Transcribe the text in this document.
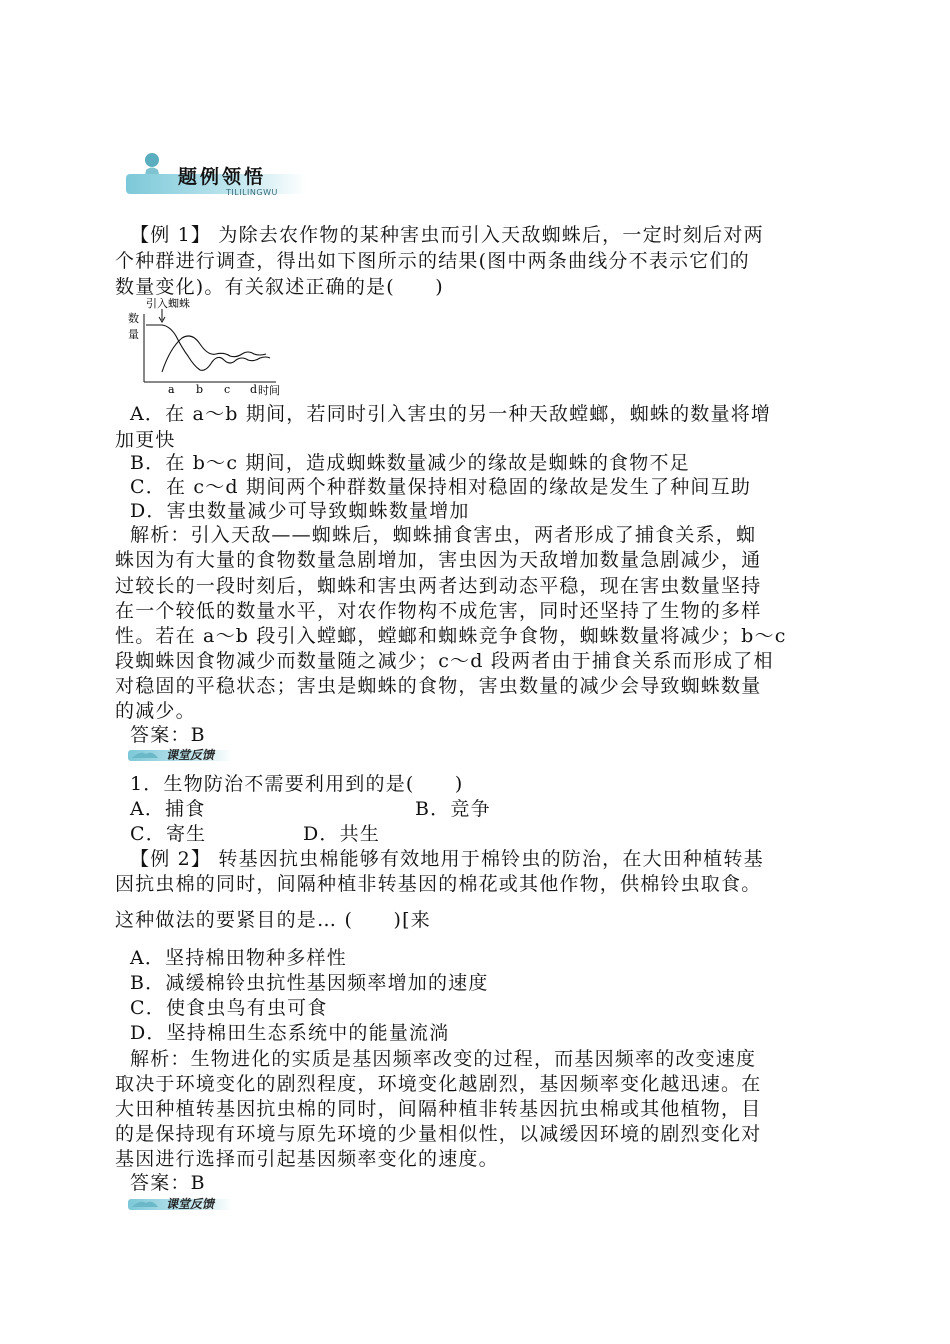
题例领悟
TILILINGWU
【例 1】 为除去农作物的某种害虫而引入天敌蜘蛛后，一定时刻后对两
个种群进行调查，得出如下图所示的结果(图中两条曲线分不表示它们的
数量变化)。有关叙述正确的是(　　)
引入蜘蛛
数
量
a b c d 时间
A．在 a～b 期间，若同时引入害虫的另一种天敌螳螂，蜘蛛的数量将增
加更快
B．在 b～c 期间，造成蜘蛛数量减少的缘故是蜘蛛的食物不足
C．在 c～d 期间两个种群数量保持相对稳固的缘故是发生了种间互助
D．害虫数量减少可导致蜘蛛数量增加
解析：引入天敌——蜘蛛后，蜘蛛捕食害虫，两者形成了捕食关系，蜘
蛛因为有大量的食物数量急剧增加，害虫因为天敌增加数量急剧减少，通
过较长的一段时刻后，蜘蛛和害虫两者达到动态平稳，现在害虫数量坚持
在一个较低的数量水平，对农作物构不成危害，同时还坚持了生物的多样
性。若在 a～b 段引入螳螂，螳螂和蜘蛛竞争食物，蜘蛛数量将减少；b～c
段蜘蛛因食物减少而数量随之减少；c～d 段两者由于捕食关系而形成了相
对稳固的平稳状态；害虫是蜘蛛的食物，害虫数量的减少会导致蜘蛛数量
的减少。
答案：B
课堂反馈
1．生物防治不需要利用到的是(　　)
A．捕食	B．竞争
C．寄生	D．共生
【例 2】 转基因抗虫棉能够有效地用于棉铃虫的防治，在大田种植转基
因抗虫棉的同时，间隔种植非转基因的棉花或其他作物，供棉铃虫取食。
这种做法的要紧目的是… (　　)[来
A．坚持棉田物种多样性
B．减缓棉铃虫抗性基因频率增加的速度
C．使食虫鸟有虫可食
D．坚持棉田生态系统中的能量流淌
解析：生物进化的实质是基因频率改变的过程，而基因频率的改变速度
取决于环境变化的剧烈程度，环境变化越剧烈，基因频率变化越迅速。在
大田种植转基因抗虫棉的同时，间隔种植非转基因抗虫棉或其他植物，目
的是保持现有环境与原先环境的少量相似性，以减缓因环境的剧烈变化对
基因进行选择而引起基因频率变化的速度。
答案：B
课堂反馈
